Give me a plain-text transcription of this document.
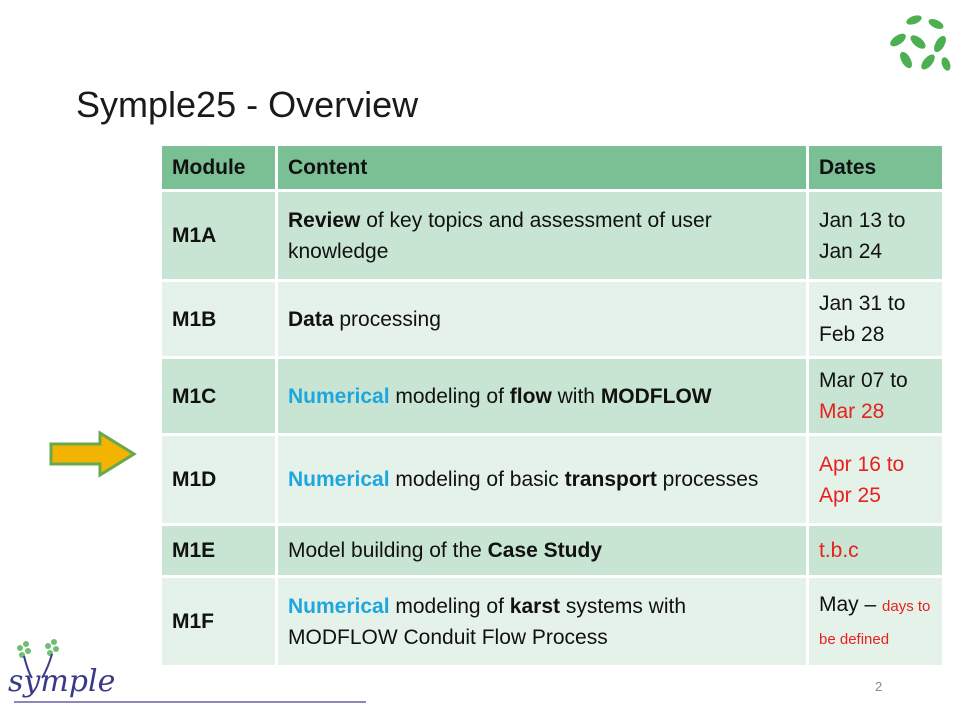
Symple25 - Overview
Module	Content	Dates
M1A	Review of key topics and assessment of user knowledge	Jan 13 to
Jan 24
M1B	Data processing	Jan 31 to
Feb 28
M1C	Numerical modeling of flow with MODFLOW	Mar 07 to
Mar 28
M1D	Numerical modeling of basic transport processes	Apr 16 to
Apr 25
M1E	Model building of the Case Study	t.b.c
M1F	Numerical modeling of karst systems with MODFLOW Conduit Flow Process	May – days to be defined
symple	2
